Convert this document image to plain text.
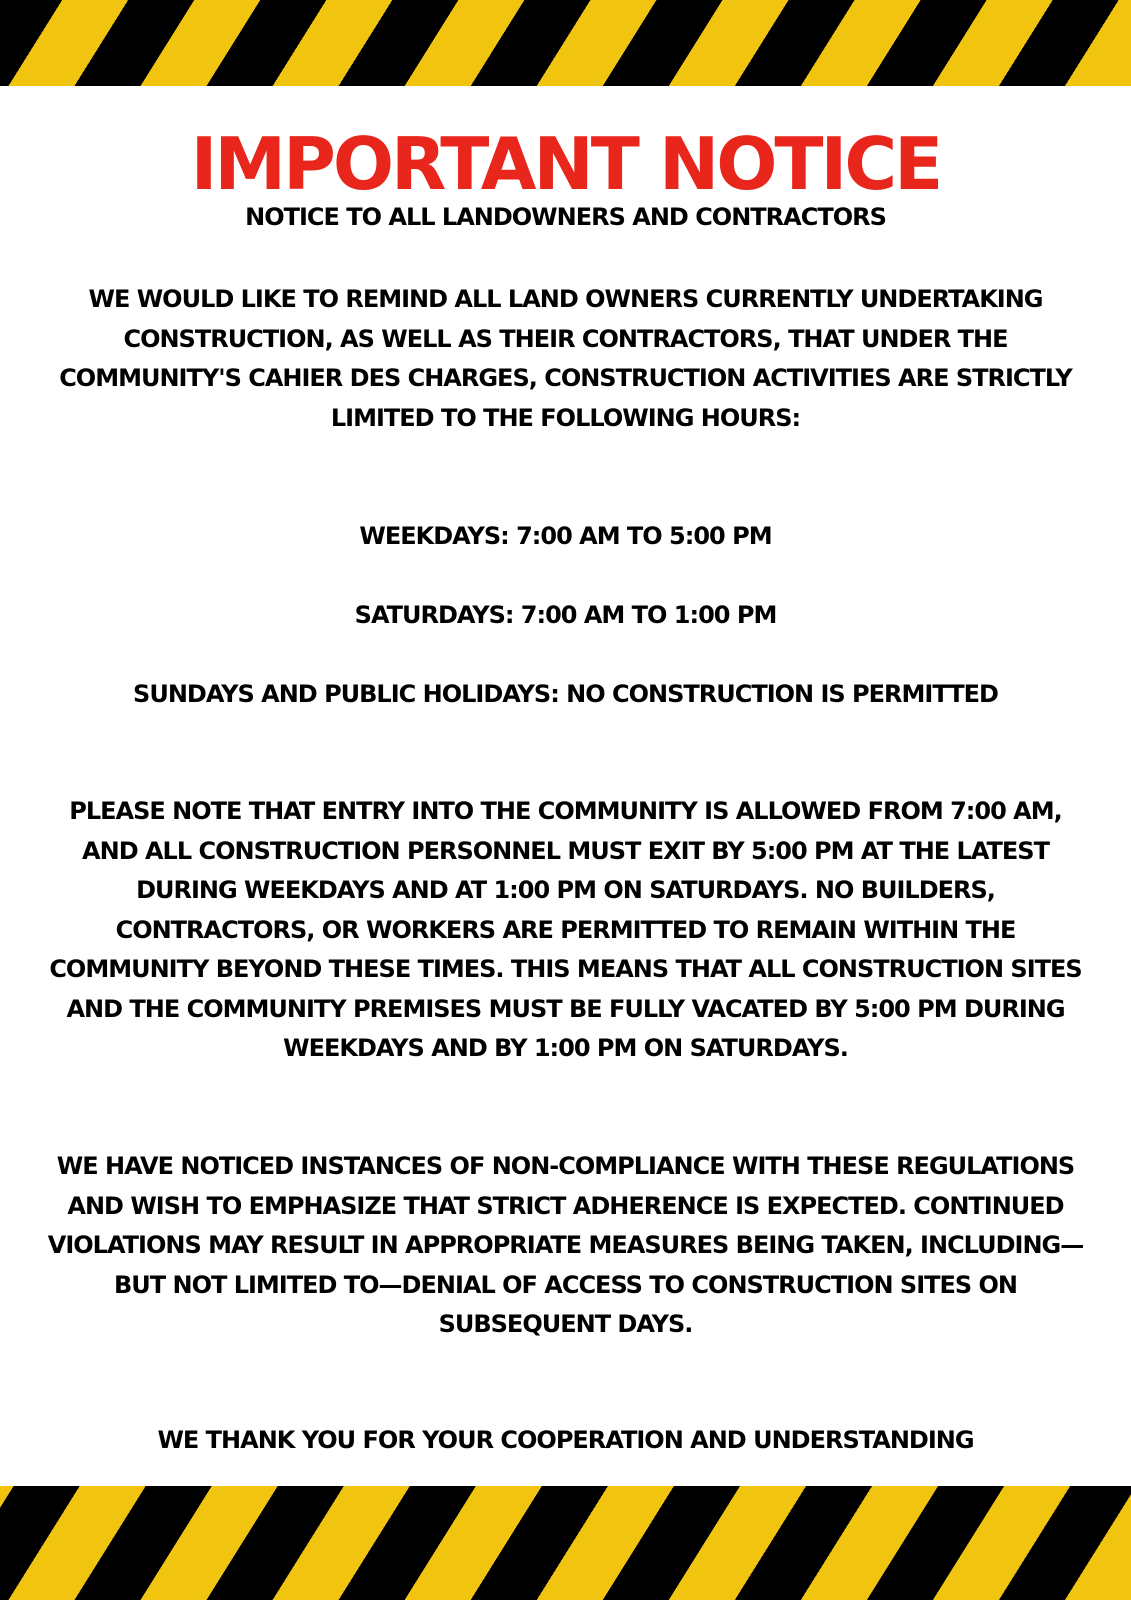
IMPORTANT NOTICE
NOTICE TO ALL LANDOWNERS AND CONTRACTORS

WE WOULD LIKE TO REMIND ALL LAND OWNERS CURRENTLY UNDERTAKING CONSTRUCTION, AS WELL AS THEIR CONTRACTORS, THAT UNDER THE COMMUNITY'S CAHIER DES CHARGES, CONSTRUCTION ACTIVITIES ARE STRICTLY LIMITED TO THE FOLLOWING HOURS:

WEEKDAYS: 7:00 AM TO 5:00 PM

SATURDAYS: 7:00 AM TO 1:00 PM

SUNDAYS AND PUBLIC HOLIDAYS: NO CONSTRUCTION IS PERMITTED

PLEASE NOTE THAT ENTRY INTO THE COMMUNITY IS ALLOWED FROM 7:00 AM, AND ALL CONSTRUCTION PERSONNEL MUST EXIT BY 5:00 PM AT THE LATEST DURING WEEKDAYS AND AT 1:00 PM ON SATURDAYS. NO BUILDERS, CONTRACTORS, OR WORKERS ARE PERMITTED TO REMAIN WITHIN THE COMMUNITY BEYOND THESE TIMES. THIS MEANS THAT ALL CONSTRUCTION SITES AND THE COMMUNITY PREMISES MUST BE FULLY VACATED BY 5:00 PM DURING WEEKDAYS AND BY 1:00 PM ON SATURDAYS.

WE HAVE NOTICED INSTANCES OF NON-COMPLIANCE WITH THESE REGULATIONS AND WISH TO EMPHASIZE THAT STRICT ADHERENCE IS EXPECTED. CONTINUED VIOLATIONS MAY RESULT IN APPROPRIATE MEASURES BEING TAKEN, INCLUDING—BUT NOT LIMITED TO—DENIAL OF ACCESS TO CONSTRUCTION SITES ON SUBSEQUENT DAYS.

WE THANK YOU FOR YOUR COOPERATION AND UNDERSTANDING
